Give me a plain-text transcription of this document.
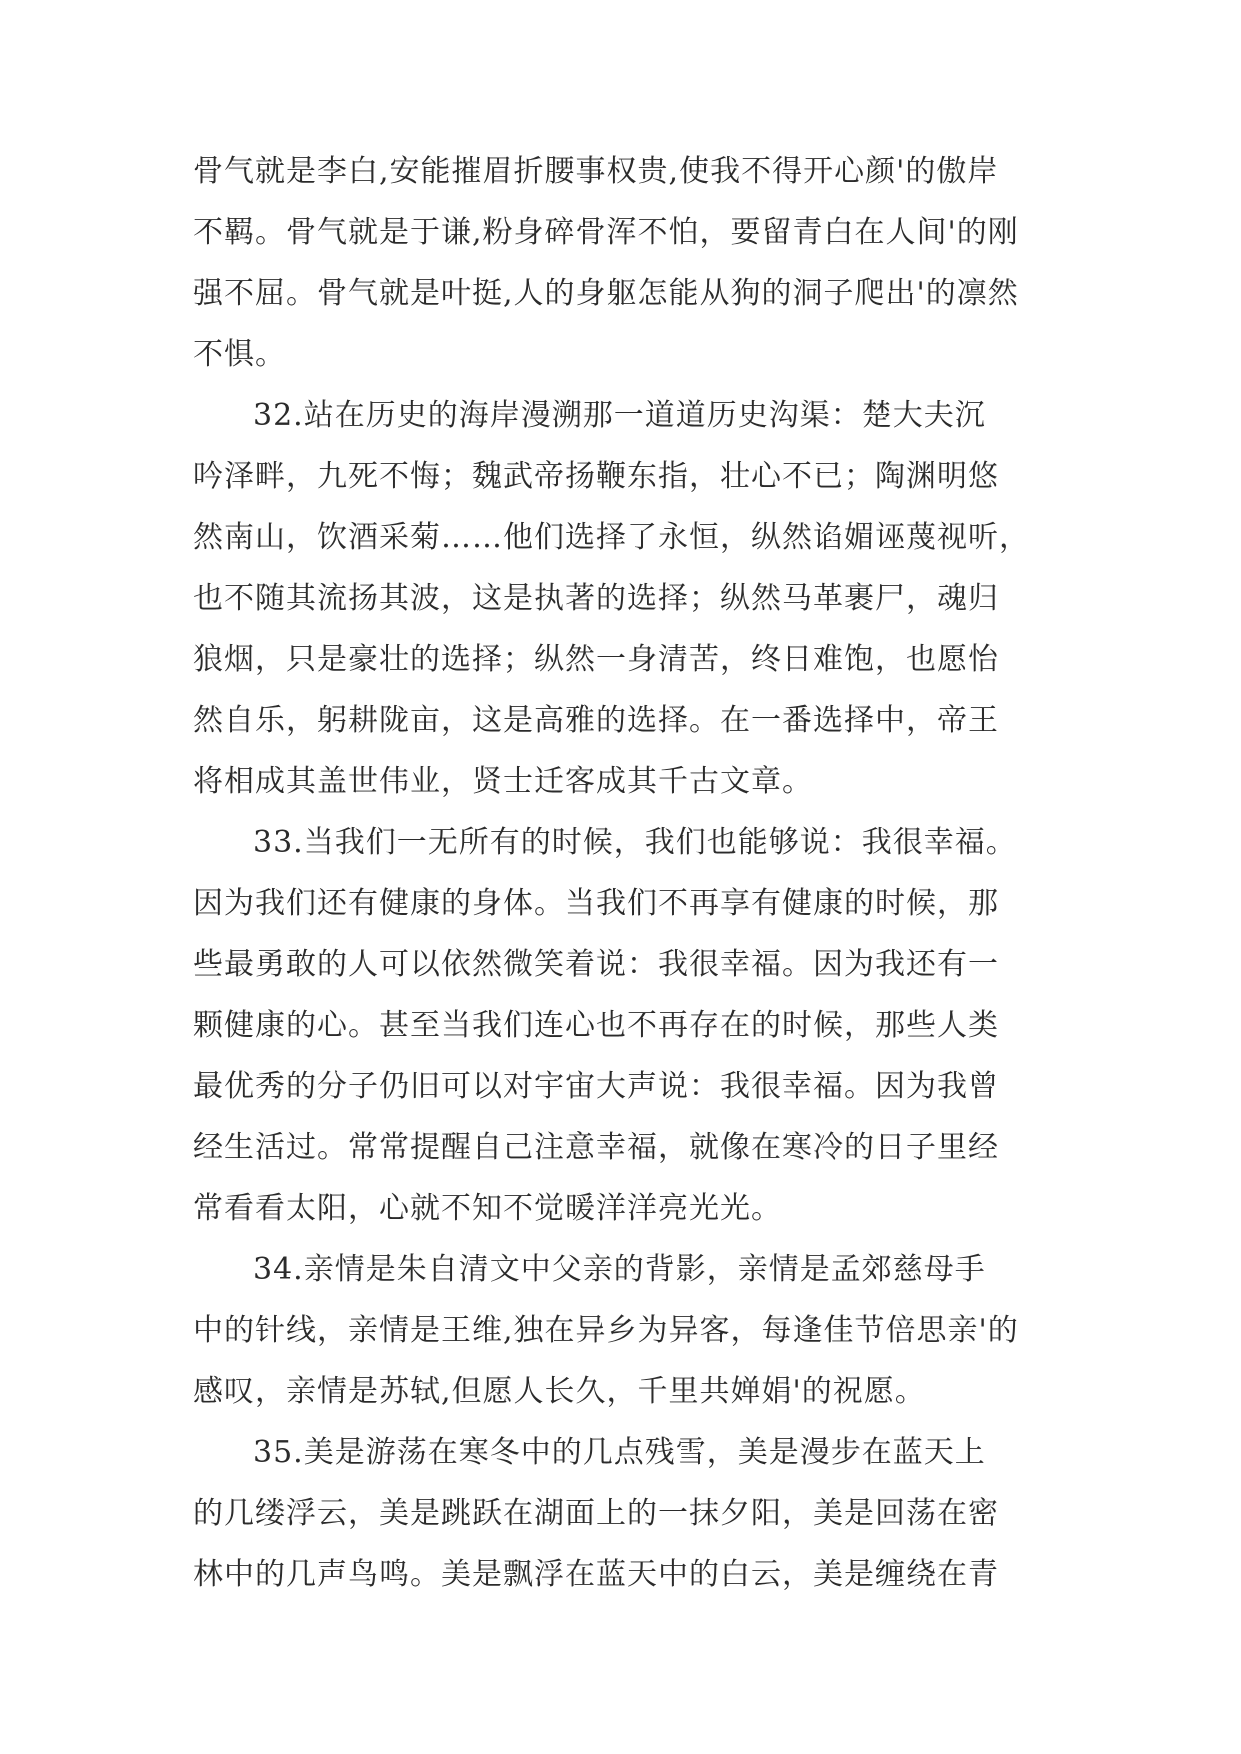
骨气就是李白,安能摧眉折腰事权贵,使我不得开心颜'的傲岸
不羁。骨气就是于谦,粉身碎骨浑不怕，要留青白在人间'的刚
强不屈。骨气就是叶挺,人的身躯怎能从狗的洞子爬出'的凛然
不惧。
32.站在历史的海岸漫溯那一道道历史沟渠：楚大夫沉
吟泽畔，九死不悔；魏武帝扬鞭东指，壮心不已；陶渊明悠
然南山，饮酒采菊……他们选择了永恒，纵然谄媚诬蔑视听，
也不随其流扬其波，这是执著的选择；纵然马革裹尸，魂归
狼烟，只是豪壮的选择；纵然一身清苦，终日难饱，也愿怡
然自乐，躬耕陇亩，这是高雅的选择。在一番选择中，帝王
将相成其盖世伟业，贤士迁客成其千古文章。
33.当我们一无所有的时候，我们也能够说：我很幸福。
因为我们还有健康的身体。当我们不再享有健康的时候，那
些最勇敢的人可以依然微笑着说：我很幸福。因为我还有一
颗健康的心。甚至当我们连心也不再存在的时候，那些人类
最优秀的分子仍旧可以对宇宙大声说：我很幸福。因为我曾
经生活过。常常提醒自己注意幸福，就像在寒冷的日子里经
常看看太阳，心就不知不觉暖洋洋亮光光。
34.亲情是朱自清文中父亲的背影，亲情是孟郊慈母手
中的针线，亲情是王维,独在异乡为异客，每逢佳节倍思亲'的
感叹，亲情是苏轼,但愿人长久，千里共婵娟'的祝愿。
35.美是游荡在寒冬中的几点残雪，美是漫步在蓝天上
的几缕浮云，美是跳跃在湖面上的一抹夕阳，美是回荡在密
林中的几声鸟鸣。美是飘浮在蓝天中的白云，美是缠绕在青
